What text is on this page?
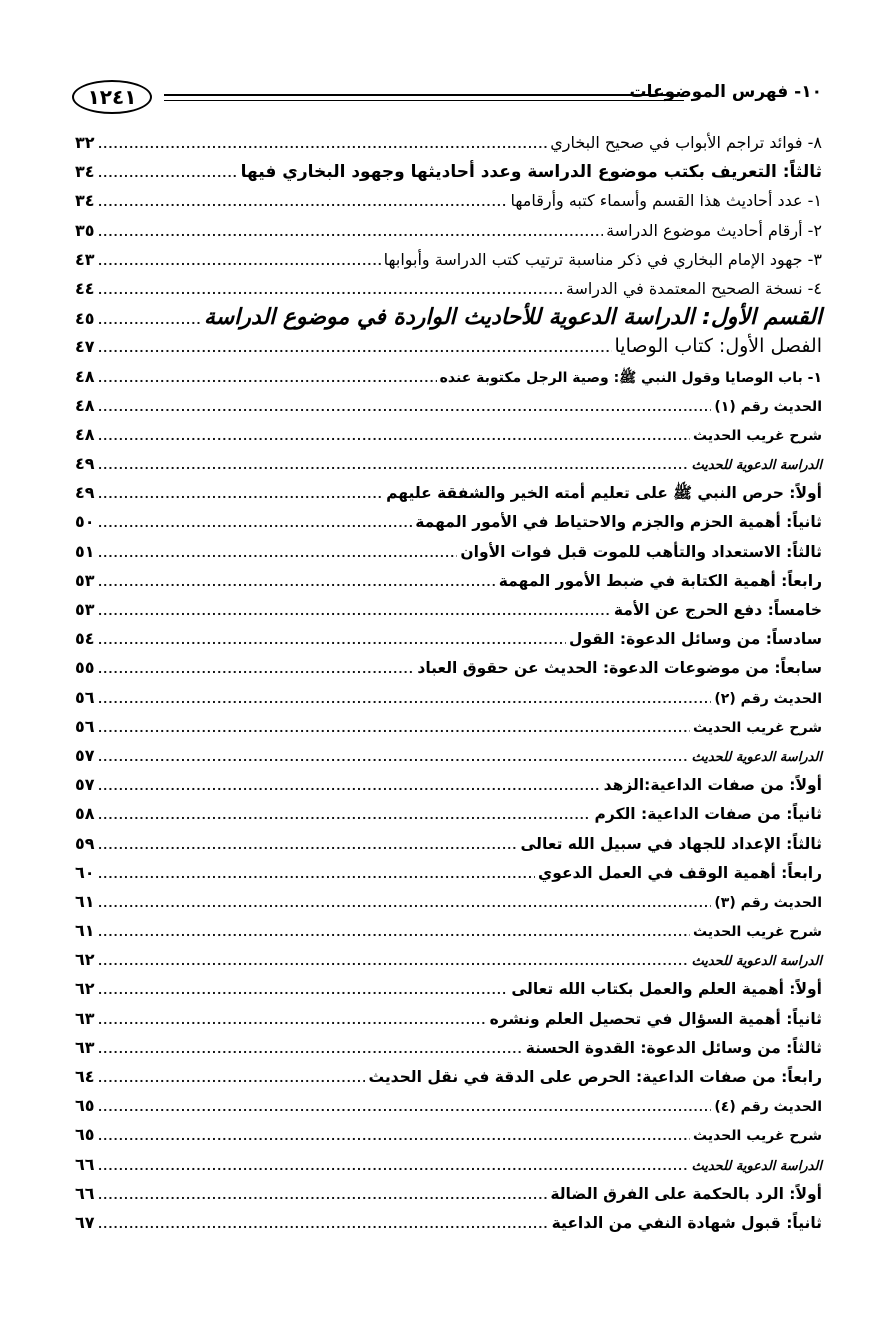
١٢٤١	١٠- فهرس الموضوعات
٨- فوائد تراجم الأبواب في صحيح البخاري
.....
٣٢
ثالثاً: التعريف بكتب موضوع الدراسة وعدد أحاديثها وجهود البخاري فيها
.....
٣٤
١- عدد أحاديث هذا القسم وأسماء كتبه وأرقامها
.....
٣٤
٢- أرقام أحاديث موضوع الدراسة
.....
٣٥
٣- جهود الإمام البخاري في ذكر مناسبة ترتيب كتب الدراسة وأبوابها
.....
٤٣
٤- نسخة الصحيح المعتمدة في الدراسة
.....
٤٤
القسم الأول: الدراسة الدعوية للأحاديث الواردة في موضوع الدراسة
.....
٤٥
الفصل الأول: كتاب الوصايا
.....
٤٧
١- باب الوصايا وقول النبي ﷺ: وصية الرجل مكتوبة عنده
.....
٤٨
الحديث رقم (١)
.....
٤٨
شرح غريب الحديث
.....
٤٨
الدراسة الدعوية للحديث
.....
٤٩
أولاً: حرص النبي ﷺ على تعليم أمته الخير والشفقة عليهم
.....
٤٩
ثانياً: أهمية الحزم والجزم والاحتياط في الأمور المهمة
.....
٥٠
ثالثاً: الاستعداد والتأهب للموت قبل فوات الأوان
.....
٥١
رابعاً: أهمية الكتابة في ضبط الأمور المهمة
.....
٥٣
خامساً: دفع الحرج عن الأمة
.....
٥٣
سادساً: من وسائل الدعوة: القول
.....
٥٤
سابعاً: من موضوعات الدعوة: الحديث عن حقوق العباد
.....
٥٥
الحديث رقم (٢)
.....
٥٦
شرح غريب الحديث
.....
٥٦
الدراسة الدعوية للحديث
.....
٥٧
أولاً: من صفات الداعية:الزهد
.....
٥٧
ثانياً: من صفات الداعية: الكرم
.....
٥٨
ثالثاً: الإعداد للجهاد في سبيل الله تعالى
.....
٥٩
رابعاً: أهمية الوقف في العمل الدعوي
.....
٦٠
الحديث رقم (٣)
.....
٦١
شرح غريب الحديث
.....
٦١
الدراسة الدعوية للحديث
.....
٦٢
أولاً: أهمية العلم والعمل بكتاب الله تعالى
.....
٦٢
ثانياً: أهمية السؤال في تحصيل العلم ونشره
.....
٦٣
ثالثاً: من وسائل الدعوة: القدوة الحسنة
.....
٦٣
رابعاً: من صفات الداعية: الحرص على الدقة في نقل الحديث
.....
٦٤
الحديث رقم (٤)
.....
٦٥
شرح غريب الحديث
.....
٦٥
الدراسة الدعوية للحديث
.....
٦٦
أولاً: الرد بالحكمة على الفرق الضالة
.....
٦٦
ثانياً: قبول شهادة النفي من الداعية
.....
٦٧
